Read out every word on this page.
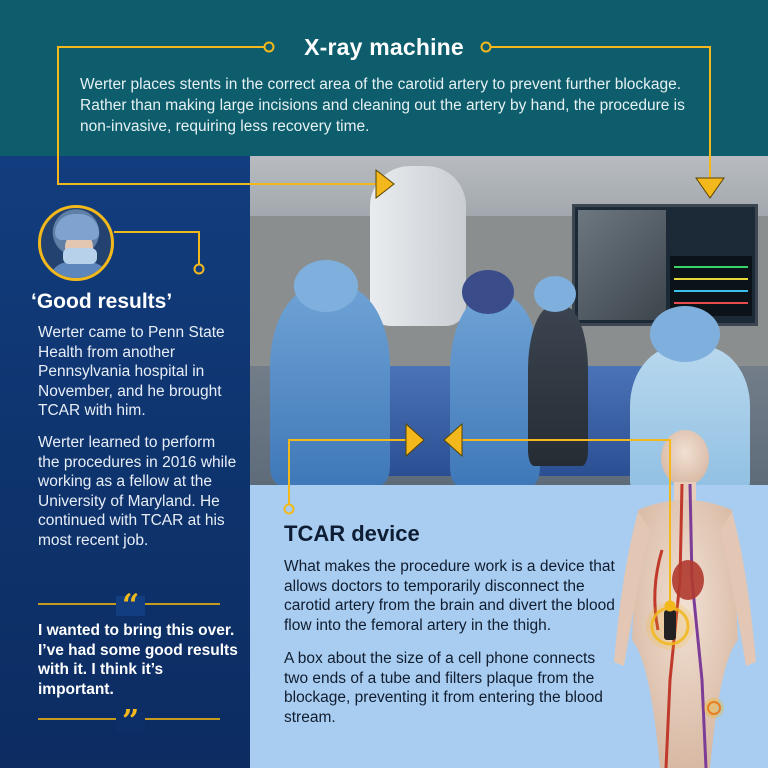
X-ray machine
Werter places stents in the correct area of the carotid artery to prevent further blockage. Rather than making large incisions and cleaning out the artery by hand, the procedure is non-invasive, requiring less recovery time.
TCAR device
What makes the procedure work is a device that allows doctors to temporarily disconnect the carotid artery from the brain and divert the blood flow into the femoral artery in the thigh.
A box about the size of a cell phone connects two ends of a tube and filters plaque from the blockage, preventing it from entering the blood stream.
‘Good results’
Werter came to Penn State Health from another Pennsylvania hospital in November, and he brought TCAR with him.
Werter learned to perform the procedures in 2016 while working as a fellow at the University of Maryland. He continued with TCAR at his most recent job.
“
I wanted to bring this over. I’ve had some good results with it. I think it’s important.
”
